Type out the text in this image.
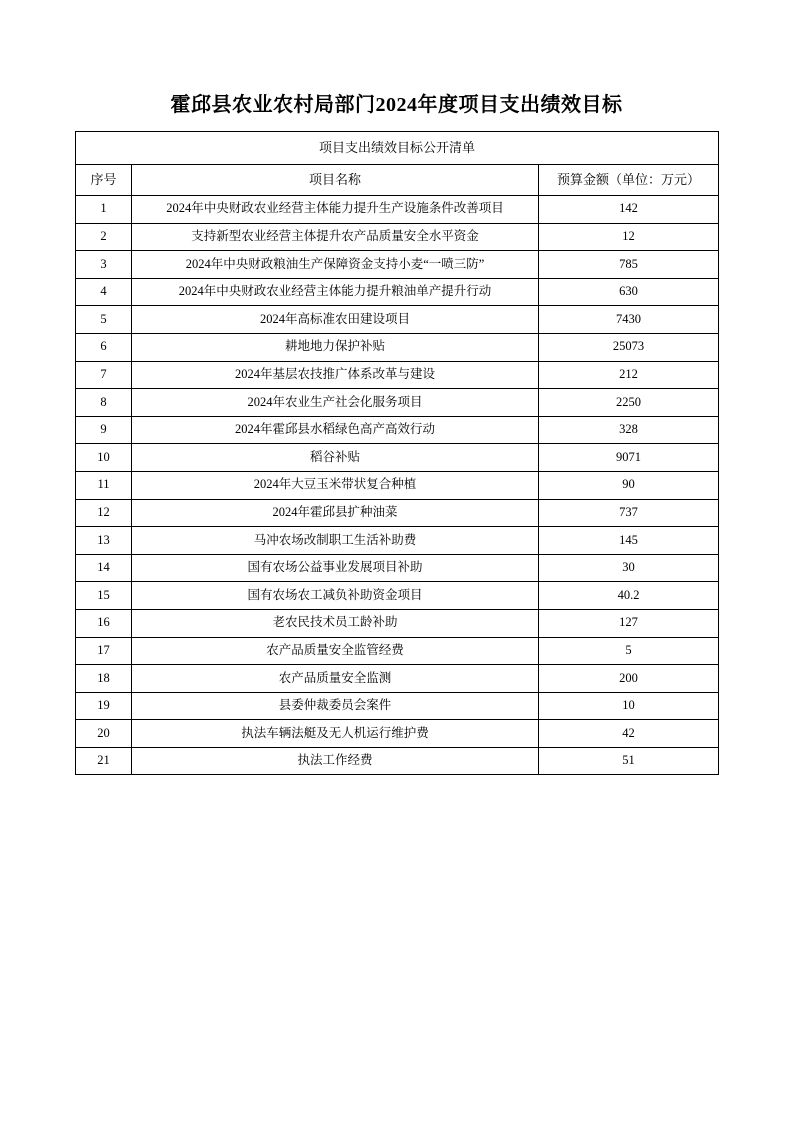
霍邱县农业农村局部门2024年度项目支出绩效目标
项目支出绩效目标公开清单		
序号	项目名称	预算金额（单位：万元）
1	2024年中央财政农业经营主体能力提升生产设施条件改善项目	142
2	支持新型农业经营主体提升农产品质量安全水平资金	12
3	2024年中央财政粮油生产保障资金支持小麦“一喷三防”	785
4	2024年中央财政农业经营主体能力提升粮油单产提升行动	630
5	2024年高标准农田建设项目	7430
6	耕地地力保护补贴	25073
7	2024年基层农技推广体系改革与建设	212
8	2024年农业生产社会化服务项目	2250
9	2024年霍邱县水稻绿色高产高效行动	328
10	稻谷补贴	9071
11	2024年大豆玉米带状复合种植	90
12	2024年霍邱县扩种油菜	737
13	马冲农场改制职工生活补助费	145
14	国有农场公益事业发展项目补助	30
15	国有农场农工减负补助资金项目	40.2
16	老农民技术员工龄补助	127
17	农产品质量安全监管经费	5
18	农产品质量安全监测	200
19	县委仲裁委员会案件	10
20	执法车辆法艇及无人机运行维护费	42
21	执法工作经费	51
